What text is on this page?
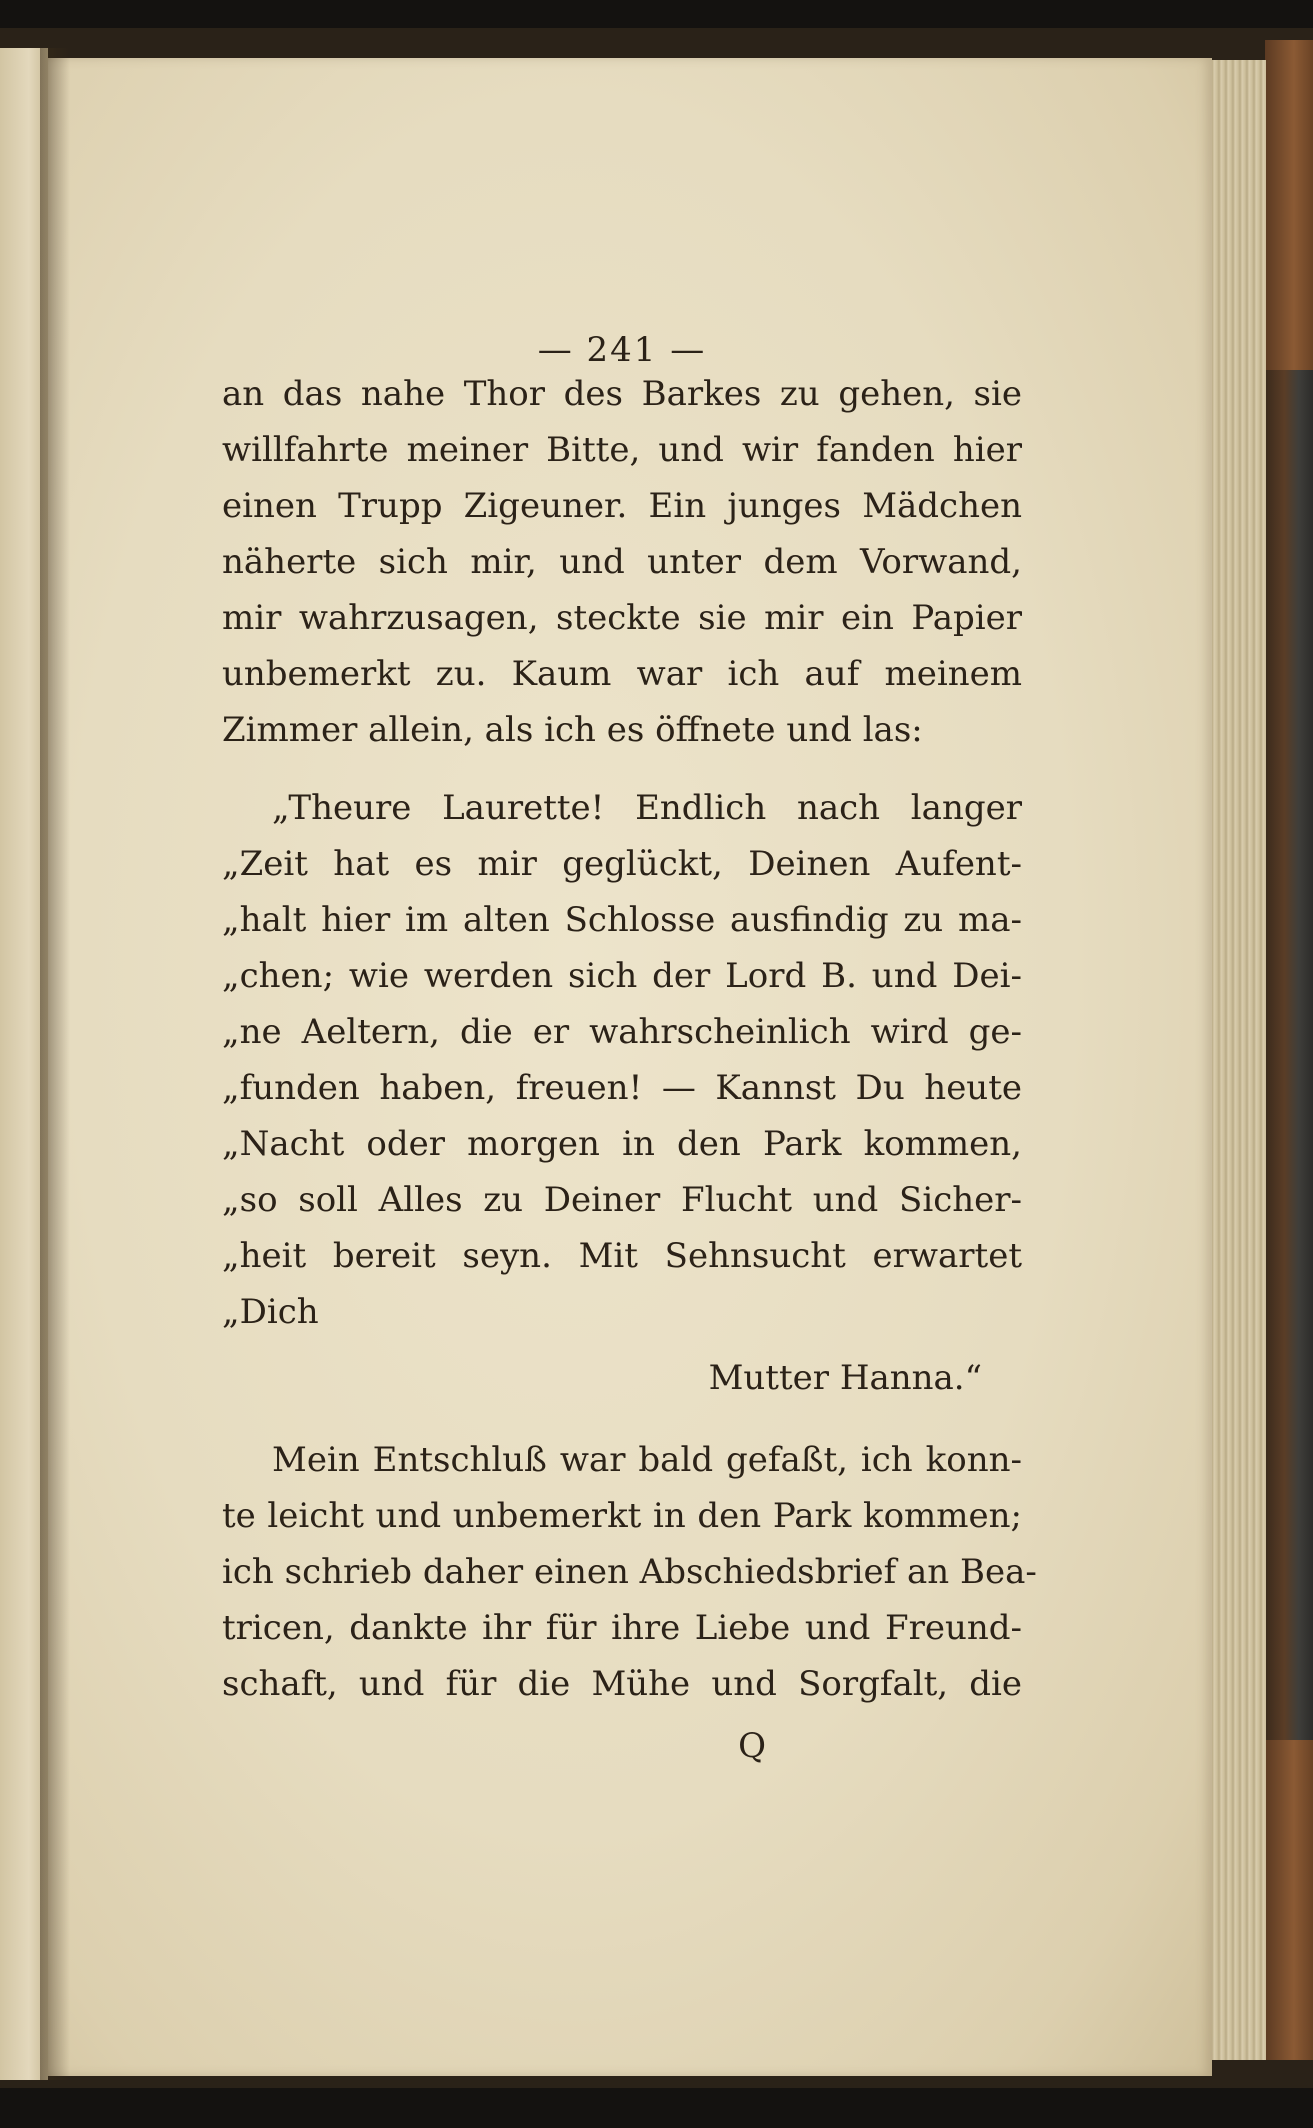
— 241 —
an das nahe Thor des Barkes zu gehen, sie
willfahrte meiner Bitte, und wir fanden hier
einen Trupp Zigeuner. Ein junges Mädchen
näherte sich mir, und unter dem Vorwand,
mir wahrzusagen, steckte sie mir ein Papier
unbemerkt zu. Kaum war ich auf meinem
Zimmer allein, als ich es öffnete und las:
„Theure Laurette! Endlich nach langer
„Zeit hat es mir geglückt, Deinen Aufent-
„halt hier im alten Schlosse ausfindig zu ma-
„chen; wie werden sich der Lord B. und Dei-
„ne Aeltern, die er wahrscheinlich wird ge-
„funden haben, freuen! — Kannst Du heute
„Nacht oder morgen in den Park kommen,
„so soll Alles zu Deiner Flucht und Sicher-
„heit bereit seyn. Mit Sehnsucht erwartet
„Dich
Mutter Hanna.“
Mein Entschluß war bald gefaßt, ich konn-
te leicht und unbemerkt in den Park kommen;
ich schrieb daher einen Abschiedsbrief an Bea-
tricen, dankte ihr für ihre Liebe und Freund-
schaft, und für die Mühe und Sorgfalt, die
Q
